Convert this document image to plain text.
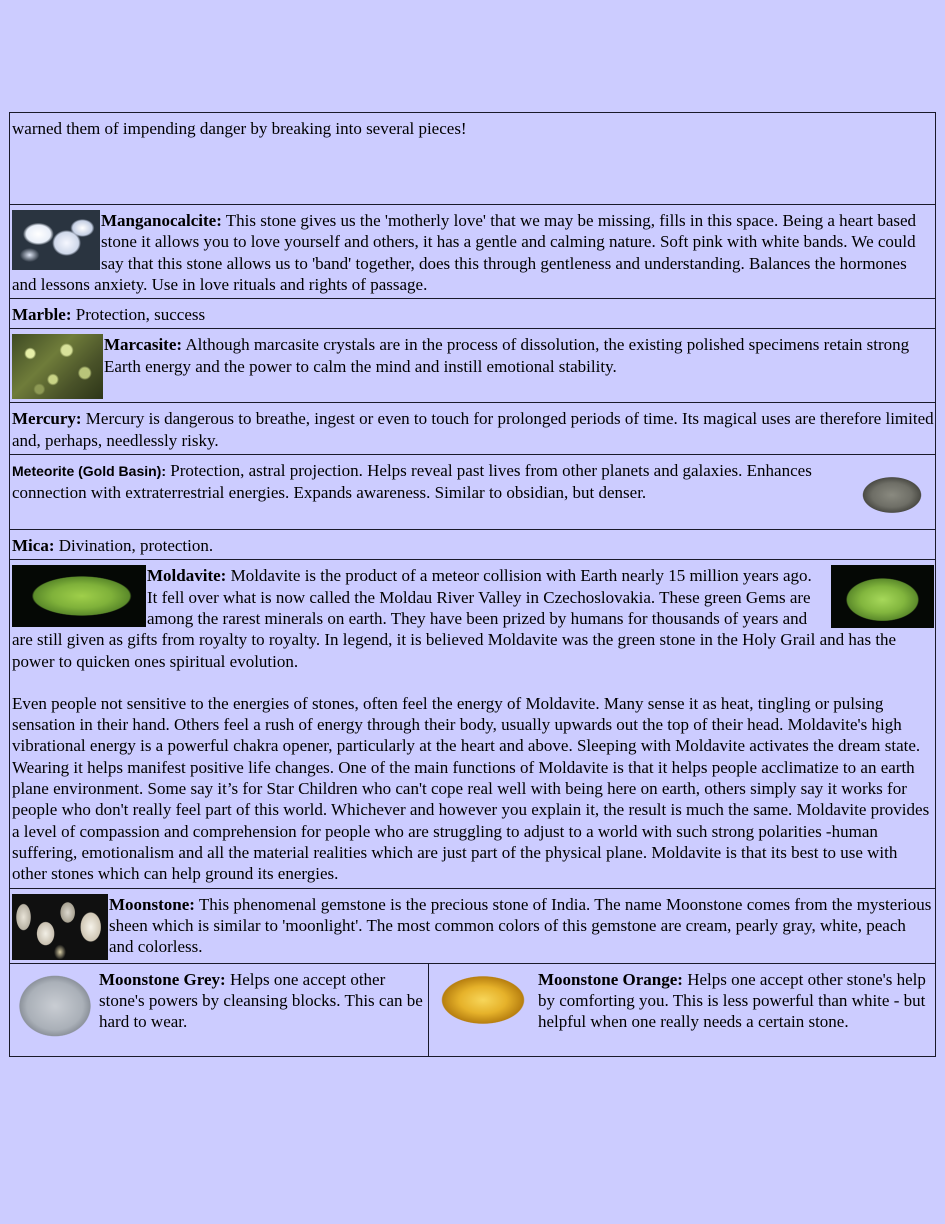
warned them of impending danger by breaking into several pieces!

Manganocalcite: This stone gives us the 'motherly love' that we may be missing, fills in this space. Being a heart based stone it allows you to love yourself and others, it has a gentle and calming nature. Soft pink with white bands. We could say that this stone allows us to 'band' together, does this through gentleness and understanding. Balances the hormones and lessons anxiety. Use in love rituals and rights of passage.

Marble: Protection, success

Marcasite: Although marcasite crystals are in the process of dissolution, the existing polished specimens retain strong Earth energy and the power to calm the mind and instill emotional stability.
Mercury: Mercury is dangerous to breathe, ingest or even to touch for prolonged periods of time. Its magical uses are therefore limited and, perhaps, needlessly risky.

Meteorite (Gold Basin): Protection, astral projection. Helps reveal past lives from other planets and galaxies. Enhances connection with extraterrestrial energies. Expands awareness. Similar to obsidian, but denser.
Mica: Divination, protection.

Moldavite: Moldavite is the product of a meteor collision with Earth nearly 15 million years ago. It fell over what is now called the Moldau River Valley in Czechoslovakia. These green Gems are among the rarest minerals on earth. They have been prized by humans for thousands of years and are still given as gifts from royalty to royalty. In legend, it is believed Moldavite was the green stone in the Holy Grail and has the power to quicken ones spiritual evolution.

Even people not sensitive to the energies of stones, often feel the energy of Moldavite. Many sense it as heat, tingling or pulsing sensation in their hand. Others feel a rush of energy through their body, usually upwards out the top of their head. Moldavite's high vibrational energy is a powerful chakra opener, particularly at the heart and above. Sleeping with Moldavite activates the dream state. Wearing it helps manifest positive life changes. One of the main functions of Moldavite is that it helps people acclimatize to an earth plane environment. Some say it’s for Star Children who can't cope real well with being here on earth, others simply say it works for people who don't really feel part of this world. Whichever and however you explain it, the result is much the same. Moldavite provides a level of compassion and comprehension for people who are struggling to adjust to a world with such strong polarities -human suffering, emotionalism and all the material realities which are just part of the physical plane. Moldavite is that its best to use with other stones which can help ground its energies.

Moonstone: This phenomenal gemstone is the precious stone of India. The name Moonstone comes from the mysterious sheen which is similar to 'moonlight'. The most common colors of this gemstone are cream, pearly gray, white, peach and colorless.

Moonstone Grey: Helps one accept other stone's powers by cleansing blocks. This can be hard to wear.	
Moonstone Orange: Helps one accept other stone's help by comforting you. This is less powerful than white - but helpful when one really needs a certain stone.
